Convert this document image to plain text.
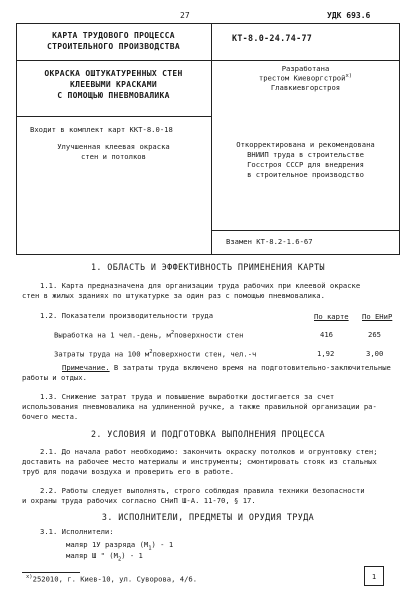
27	УДК 693.6
КАРТА ТРУДОВОГО ПРОЦЕССА
СТРОИТЕЛЬНОГО ПРОИЗВОДСТВА
ОКРАСКА ОШТУКАТУРЕННЫХ СТЕН
КЛЕЕВЫМИ КРАСКАМИ
С ПОМОЩЬЮ ПНЕВМОВАЛИКА
Входит в комплект карт ККТ-8.0-18
Улучшенная клеевая окраска
стен и потолков
КТ-8.0-24.74-77
Разработана
трестом Киеворгстрой$^{х)}$
Главкиевгорстроя
Откорректирована и рекомендована
ВНИИП труда в строительстве
Госстроя СССР для внедрения
в строительное производство
Взамен КТ-8.2-1.6-67
1. ОБЛАСТЬ И ЭФФЕКТИВНОСТЬ ПРИМЕНЕНИЯ КАРТЫ
1.1. Карта предназначена для организации труда рабочих при клеевой окраске
стен в жилых зданиях по штукатурке за один раз с помощью пневмовалика.
1.2. Показатели производительности труда	По карте По ЕНиР
Выработка на 1 чел.-день, $м^2поверхности$ стен	416	265
Затраты труда на 100 $м^2поверхности$ стен, чел.-ч	1,92	3,00
Примечание. В затраты труда включено время на подготовительно-заключительные
работы и отдых.
1.3. Снижение затрат труда и повышение выработки достигается за счет
использования пневмовалика на удлиненной ручке, а также правильной организации ра-
бочего места.
2. УСЛОВИЯ И ПОДГОТОВКА ВЫПОЛНЕНИЯ ПРОЦЕССА
2.1. До начала работ необходимо: закончить окраску потолков и огрунтовку стен;
доставить на рабочее место материалы и инструменты; смонтировать стояк из стальных
труб для подачи воздуха и проверить его в работе.
2.2. Работы следует выполнять, строго соблюдая правила техники безопасности
и охраны труда рабочих согласно СНиП Ш-А. 11-70, § 17.
3. ИСПОЛНИТЕЛИ, ПРЕДМЕТЫ И ОРУДИЯ ТРУДА
3.1. Исполнители:
маляр 1У разряда $(М_1) - 1$
маляр Ш " $(М_2) - 1$
$^{х)}$252010, г. Киев-10, ул. Суворова, 4/6.	1
